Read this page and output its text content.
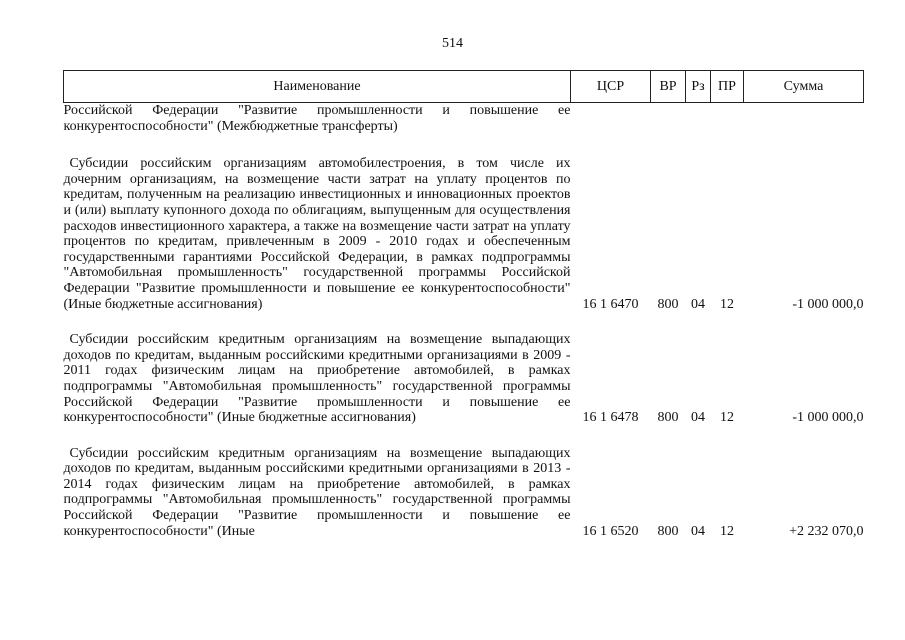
514
Наименование	ЦСР	ВР	Рз	ПР	Сумма
Российской Федерации "Развитие промышленности и повышение ее конкурентоспособности" (Межбюджетные трансферты)					
Субсидии российским организациям автомобилестроения, в том числе их дочерним организациям, на возмещение части затрат на уплату процентов по кредитам, полученным на реализацию инвестиционных и инновационных проектов и (или) выплату купонного дохода по облигациям, выпущенным для осуществления расходов инвестиционного характера, а также на возмещение части затрат на уплату процентов по кредитам, привлеченным в 2009 - 2010 годах и обеспеченным государственными гарантиями Российской Федерации, в рамках подпрограммы "Автомобильная промышленность" государственной программы Российской Федерации "Развитие промышленности и повышение ее конкурентоспособности" (Иные бюджетные ассигнования)	16 1 6470	800	04	12	-1 000 000,0
Субсидии российским кредитным организациям на возмещение выпадающих доходов по кредитам, выданным российскими кредитными организациями в 2009 - 2011 годах физическим лицам на приобретение автомобилей, в рамках подпрограммы "Автомобильная промышленность" государственной программы Российской Федерации "Развитие промышленности и повышение ее конкурентоспособности" (Иные бюджетные ассигнования)	16 1 6478	800	04	12	-1 000 000,0
Субсидии российским кредитным организациям на возмещение выпадающих доходов по кредитам, выданным российскими кредитными организациями в 2013 - 2014 годах физическим лицам на приобретение автомобилей, в рамках подпрограммы "Автомобильная промышленность" государственной программы Российской Федерации "Развитие промышленности и повышение ее конкурентоспособности" (Иные	16 1 6520	800	04	12	+2 232 070,0
